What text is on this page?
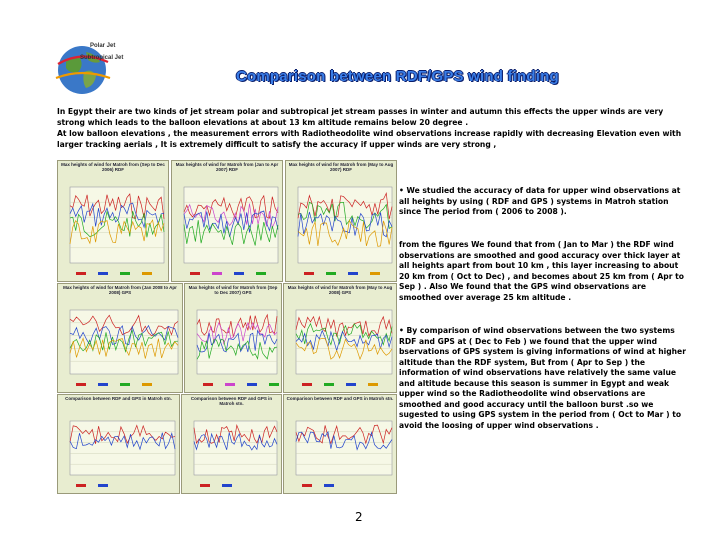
Polar Jet
Subtropical Jet
Comparison between RDF/GPS wind finding

In Egypt their are two kinds of jet stream polar and subtropical jet stream passes in winter and autumn this effects the upper winds are very strong which leads to the balloon elevations at about 13 km altitude remains below 20 degree .

At low balloon elevations , the measurement errors with Radiotheodolite wind observations increase rapidly with decreasing Elevation even with larger tracking aerials , It is extremely difficult to satisfy the accuracy if upper winds are very strong ,

Max heights of wind for Matroh from (Sep to Dec 2006) RDF
Max heights of wind for Matroh from (Jan to Apr 2007) RDF
Max heights of wind for Matroh from (May to Aug 2007) RDF
Max heights of wind for Matroh from (Jan 2008 to Apr 2008) GPS
Max heights of wind for Matroh from (Sep to Dec 2007) GPS
Max heights of wind for Matroh from (May to Aug 2008) GPS
Comparison between RDF and GPS in Matroh stn.	Comparison between RDF and GPS in Matroh stn.
Comparison between RDF and GPS in Matroh stn.

• We studied the accuracy of data for upper wind observations at all heights by using ( RDF and GPS ) systems in Matroh station since The period from ( 2006 to 2008 ).

from the figures We found that from ( Jan to Mar ) the RDF wind observations are smoothed and good accuracy over thick layer at all heights apart from bout 10 km , this layer increasing to about 20 km from ( Oct to Dec) , and becomes about 25 km from ( Apr to Sep ) . Also We found that the GPS wind observations are smoothed over average 25 km altitude .

• By comparison of wind observations between the two systems RDF and GPS at ( Dec to Feb ) we found that the upper wind bservations of GPS system is giving informations of wind at higher altitude than the RDF system, But from ( Apr to Sep ) the information of wind observations have relatively the same value and altitude because this season is summer in Egypt and weak upper wind so the Radiotheodolite wind observations are smoothed and good accuracy until the balloon burst .so we sugested to using GPS system in the period from ( Oct to Mar ) to avoid the loosing of upper wind observations .

2
